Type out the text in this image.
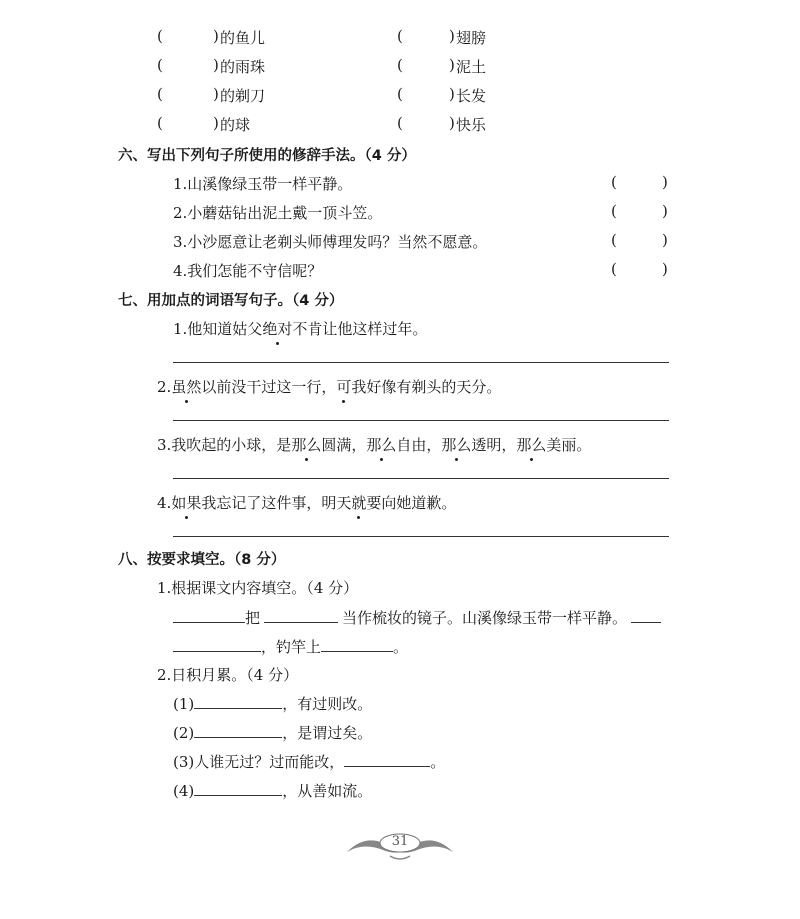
(	) 的鱼儿	(	) 翅膀
(	) 的雨珠	(	) 泥土
(	) 的剃刀	(	) 长发
(	) 的球	(	) 快乐
六、写出下列句子所使用的修辞手法。（4 分）
1.山溪像绿玉带一样平静。	(	)
2.小蘑菇钻出泥土戴一顶斗笠。	(	)
3.小沙愿意让老剃头师傅理发吗？当然不愿意。	(	)
4.我们怎能不守信呢？	(	)
七、用加点的词语写句子。（4 分）
1.他知道姑父绝对不肯让他这样过年。
2.虽然以前没干过这一行，可我好像有剃头的天分。
3.我吹起的小球，是那么圆满，那么自由，那么透明，那么美丽。
4.如果我忘记了这件事，明天就要向她道歉。
八、按要求填空。（8 分）
1.根据课文内容填空。（4 分）
把	当作梳妆的镜子。山溪像绿玉带一样平静。
，钓竿上	。
2.日积月累。（4 分）
(1)	，有过则改。
(2)	，是谓过矣。
(3)人谁无过？过而能改，	。
(4)	，从善如流。
31
